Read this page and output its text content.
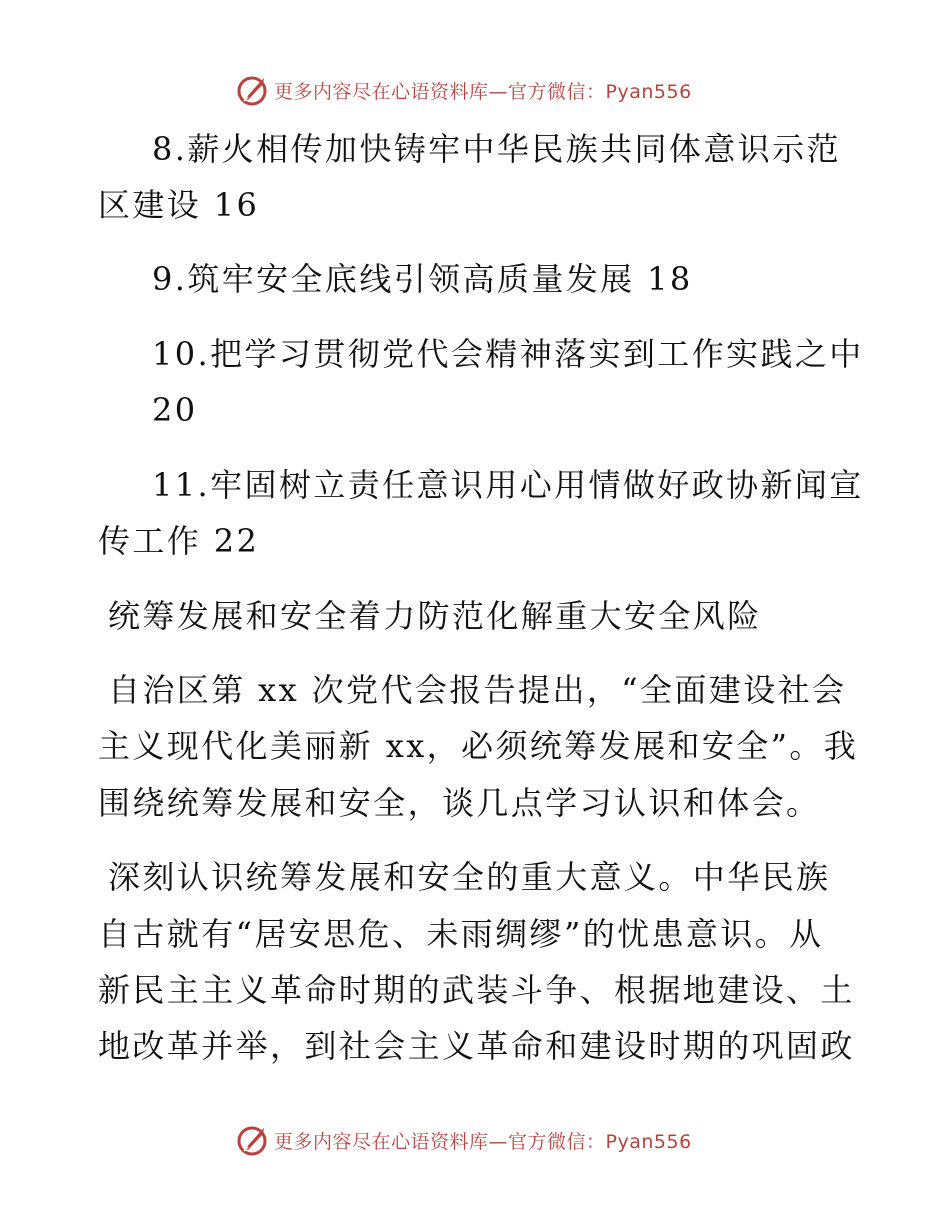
更多内容尽在心语资料库—官方微信：Pyan556
8.薪火相传加快铸牢中华民族共同体意识示范
区建设 16
9.筑牢安全底线引领高质量发展 18
10.把学习贯彻党代会精神落实到工作实践之中
20
11.牢固树立责任意识用心用情做好政协新闻宣
传工作 22
统筹发展和安全着力防范化解重大安全风险
自治区第 xx 次党代会报告提出，“全面建设社会
主义现代化美丽新 xx，必须统筹发展和安全”。我
围绕统筹发展和安全，谈几点学习认识和体会。
深刻认识统筹发展和安全的重大意义。中华民族
自古就有“居安思危、未雨绸缪”的忧患意识。从
新民主主义革命时期的武装斗争、根据地建设、土
地改革并举，到社会主义革命和建设时期的巩固政
更多内容尽在心语资料库—官方微信：Pyan556
